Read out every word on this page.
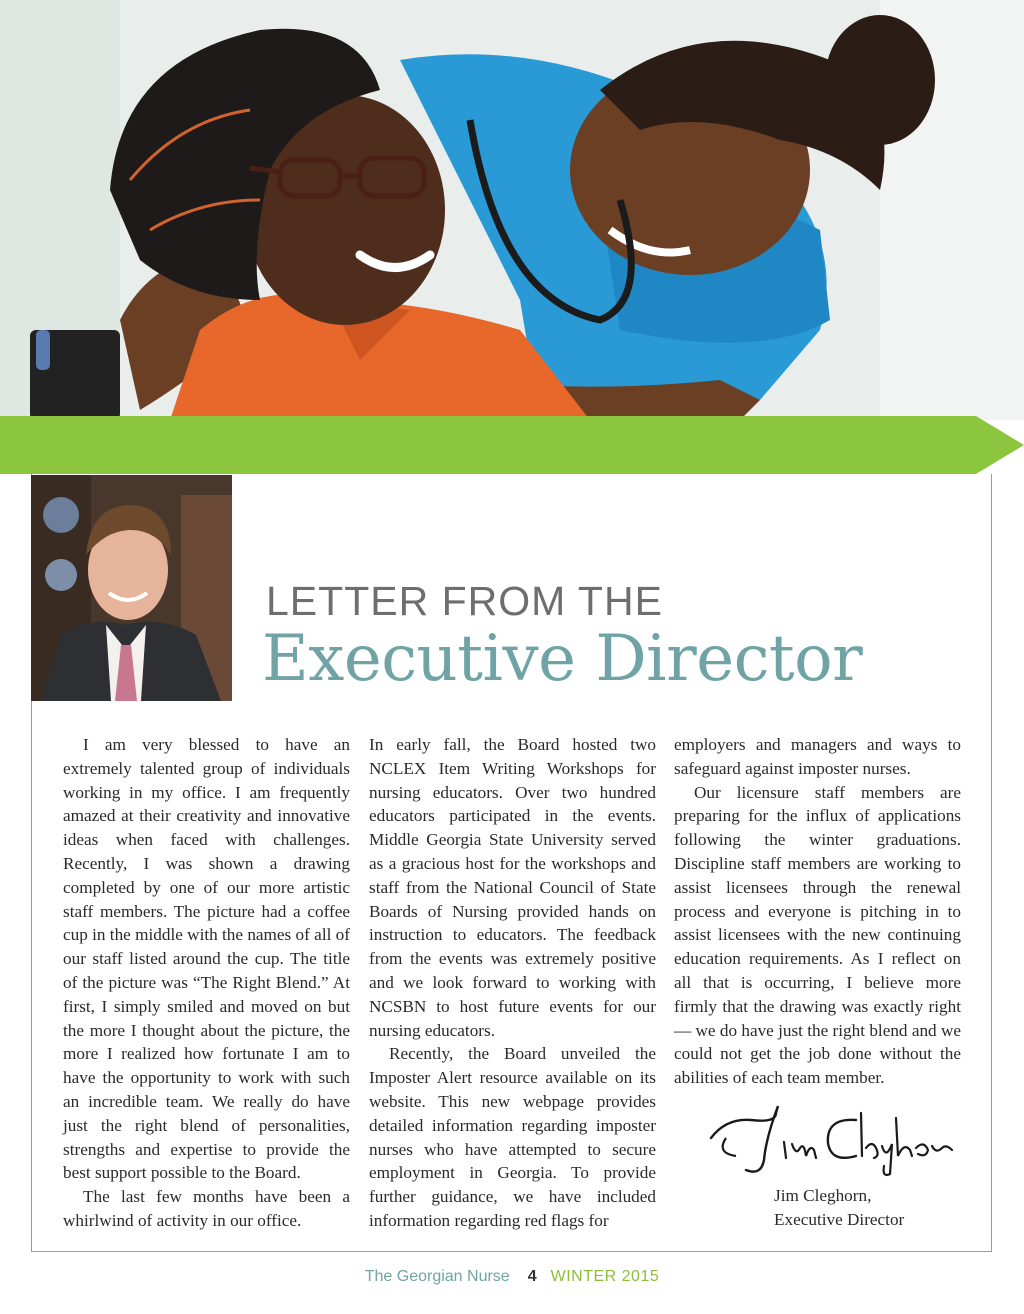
LETTER FROM THE
Executive Director

I am very blessed to have an extremely talented group of individuals working in my office. I am frequently amazed at their creativity and innovative ideas when faced with challenges. Recently, I was shown a drawing completed by one of our more artistic staff members. The picture had a coffee cup in the middle with the names of all of our staff listed around the cup. The title of the picture was “The Right Blend.” At first, I simply smiled and moved on but the more I thought about the picture, the more I realized how fortunate I am to have the opportunity to work with such an incredible team. We really do have just the right blend of personalities, strengths and expertise to provide the best support possible to the Board.

The last few months have been a whirlwind of activity in our office.

In early fall, the Board hosted two NCLEX Item Writing Workshops for nursing educators. Over two hundred educators participated in the events. Middle Georgia State University served as a gracious host for the workshops and staff from the National Council of State Boards of Nursing provided hands on instruction to educators. The feedback from the events was extremely positive and we look forward to working with NCSBN to host future events for our nursing educators.

Recently, the Board unveiled the Imposter Alert resource available on its website. This new webpage provides detailed information regarding imposter nurses who have attempted to secure employment in Georgia. To provide further guidance, we have included information regarding red flags for

employers and managers and ways to safeguard against imposter nurses.

Our licensure staff members are preparing for the influx of applications following the winter graduations. Discipline staff members are working to assist licensees through the renewal process and everyone is pitching in to assist licensees with the new continuing education requirements. As I reflect on all that is occurring, I believe more firmly that the drawing was exactly right — we do have just the right blend and we could not get the job done without the abilities of each team member.

Jim Cleghorn,
Executive Director
The Georgian Nurse 4 WINTER 2015
